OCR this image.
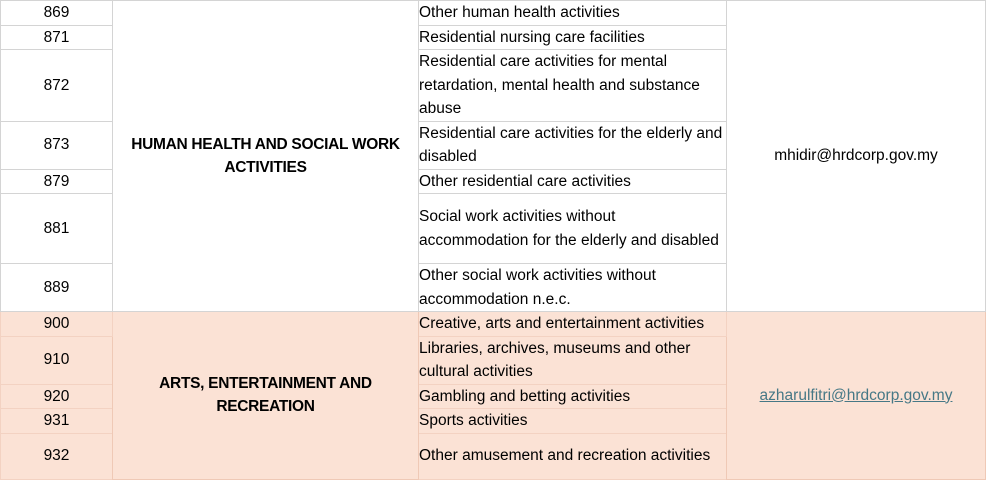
869	HUMAN HEALTH AND SOCIAL WORK ACTIVITIES	Other human health activities	mhidir@hrdcorp.gov.my
871		Residential nursing care facilities	
872		Residential care activities for mental retardation, mental health and substance abuse	
873		Residential care activities for the elderly and disabled	
879		Other residential care activities	
881		Social work activities without accommodation for the elderly and disabled	
889		Other social work activities without accommodation n.e.c.	
900	ARTS, ENTERTAINMENT AND RECREATION	Creative, arts and entertainment activities	azharulfitri@hrdcorp.gov.my
910		Libraries, archives, museums and other cultural activities	
920		Gambling and betting activities	
931		Sports activities	
932		Other amusement and recreation activities	
